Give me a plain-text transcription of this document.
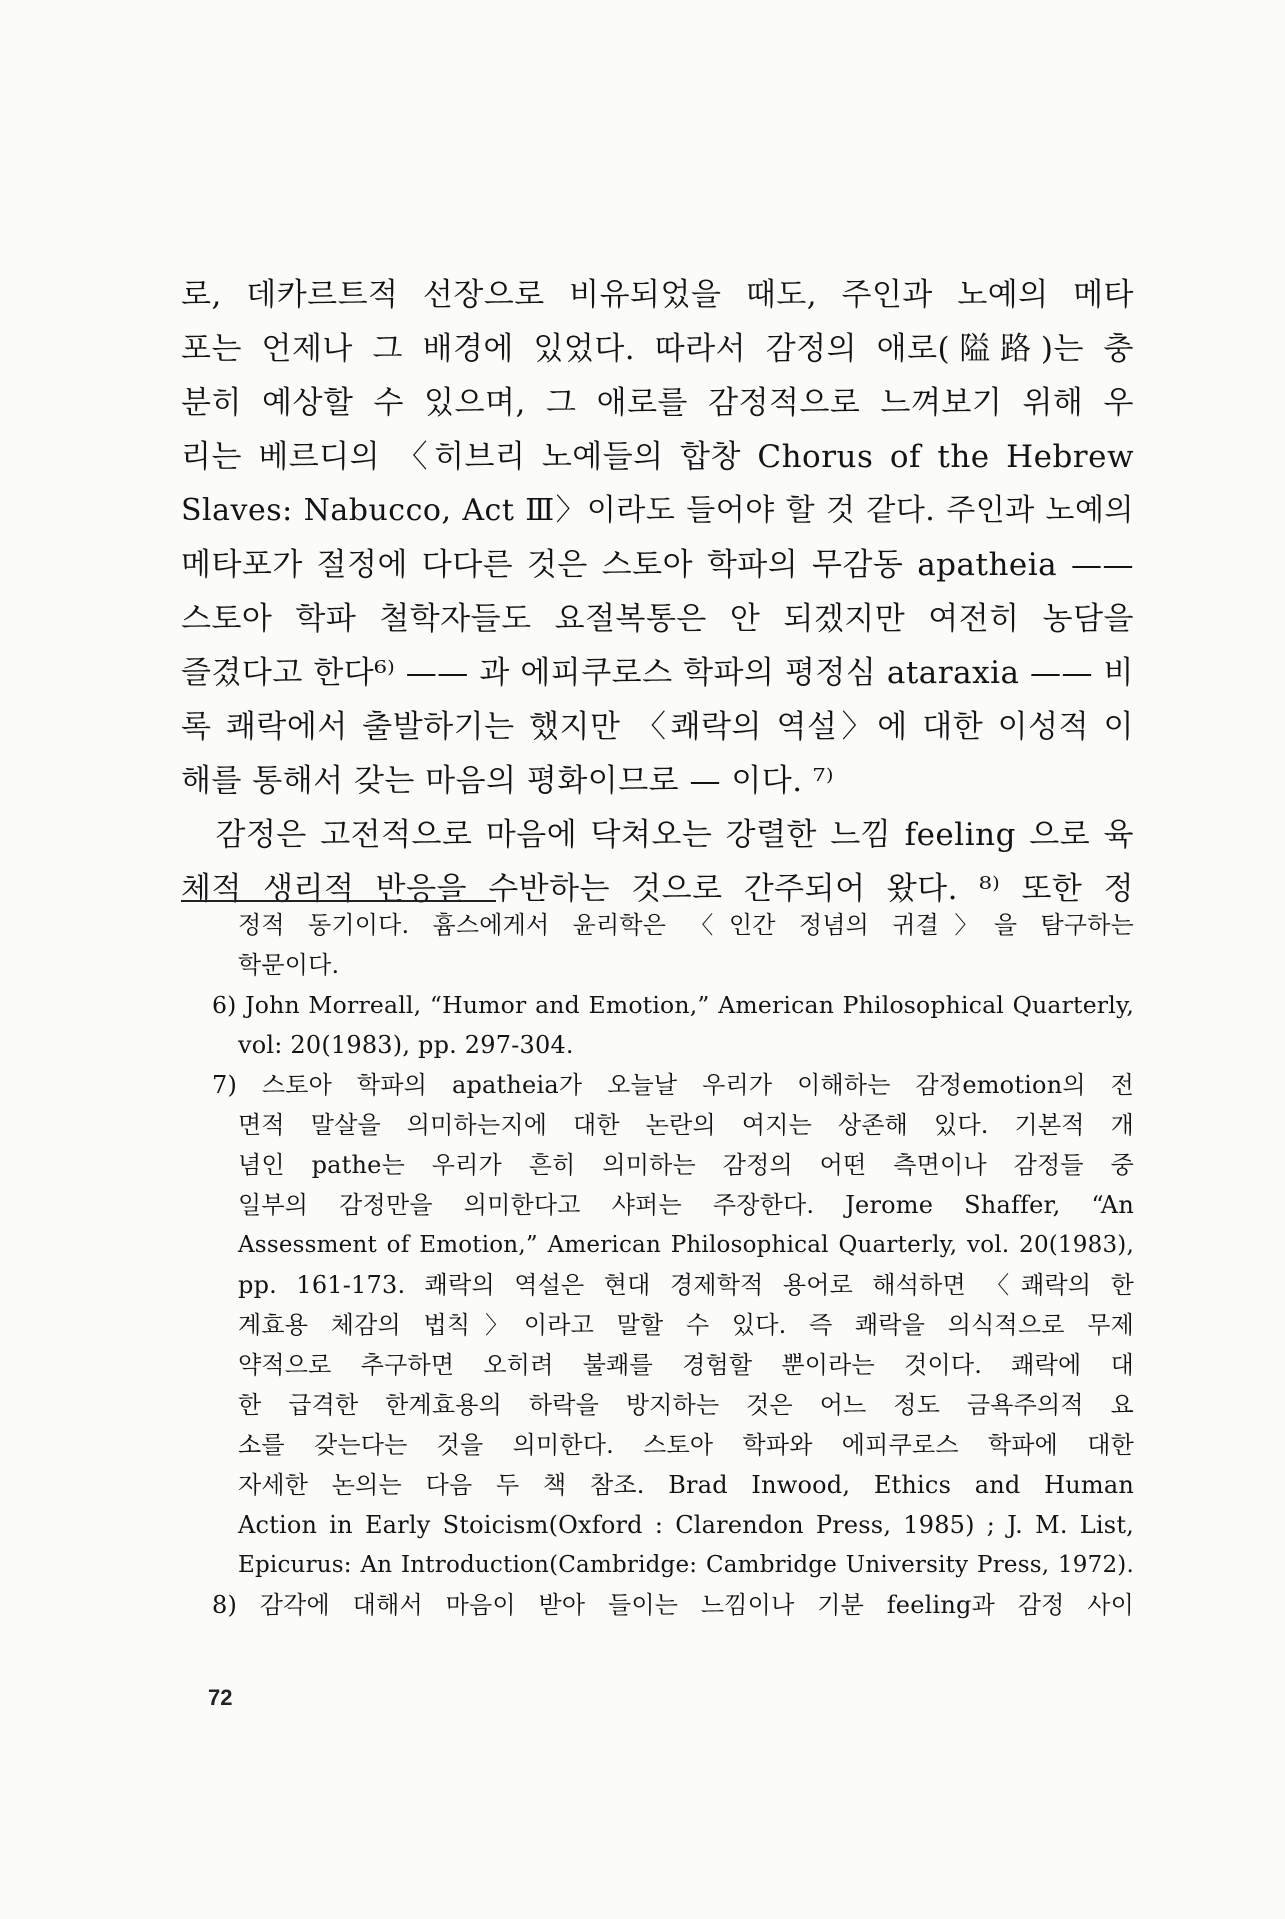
로, 데카르트적 선장으로 비유되었을 때도, 주인과 노예의 메타
포는 언제나 그 배경에 있었다. 따라서 감정의 애로(隘路)는 충
분히 예상할 수 있으며, 그 애로를 감정적으로 느껴보기 위해 우
리는 베르디의 〈히브리 노예들의 합창 Chorus of the Hebrew
Slaves: Nabucco, Act Ⅲ〉이라도 들어야 할 것 같다. 주인과 노예의
메타포가 절정에 다다른 것은 스토아 학파의 무감동 apatheia ——
스토아 학파 철학자들도 요절복통은 안 되겠지만 여전히 농담을
즐겼다고 한다⁶⁾ —— 과 에피쿠로스 학파의 평정심 ataraxia —— 비
록 쾌락에서 출발하기는 했지만 〈쾌락의 역설〉에 대한 이성적 이
해를 통해서 갖는 마음의 평화이므로 — 이다. ⁷⁾
　감정은 고전적으로 마음에 닥쳐오는 강렬한 느낌 feeling 으로 육
체적 생리적 반응을 수반하는 것으로 간주되어 왔다. ⁸⁾ 또한 정
정적 동기이다. 흄스에게서 윤리학은 〈인간 정념의 귀결〉을 탐구하는
학문이다.
6) John Morreall, “Humor and Emotion,” American Philosophical Quarterly,
vol: 20(1983), pp. 297-304.
7) 스토아 학파의 apatheia가 오늘날 우리가 이해하는 감정emotion의 전
면적 말살을 의미하는지에 대한 논란의 여지는 상존해 있다. 기본적 개
념인 pathe는 우리가 흔히 의미하는 감정의 어떤 측면이나 감정들 중
일부의 감정만을 의미한다고 샤퍼는 주장한다. Jerome Shaffer, “An
Assessment of Emotion,” American Philosophical Quarterly, vol. 20(1983),
pp. 161-173. 쾌락의 역설은 현대 경제학적 용어로 해석하면 〈쾌락의 한
계효용 체감의 법칙〉이라고 말할 수 있다. 즉 쾌락을 의식적으로 무제
약적으로 추구하면 오히려 불쾌를 경험할 뿐이라는 것이다. 쾌락에 대
한 급격한 한계효용의 하락을 방지하는 것은 어느 정도 금욕주의적 요
소를 갖는다는 것을 의미한다. 스토아 학파와 에피쿠로스 학파에 대한
자세한 논의는 다음 두 책 참조. Brad Inwood, Ethics and Human
Action in Early Stoicism(Oxford : Clarendon Press, 1985) ; J. M. List,
Epicurus: An Introduction(Cambridge: Cambridge University Press, 1972).
8) 감각에 대해서 마음이 받아 들이는 느낌이나 기분 feeling과 감정 사이
72
